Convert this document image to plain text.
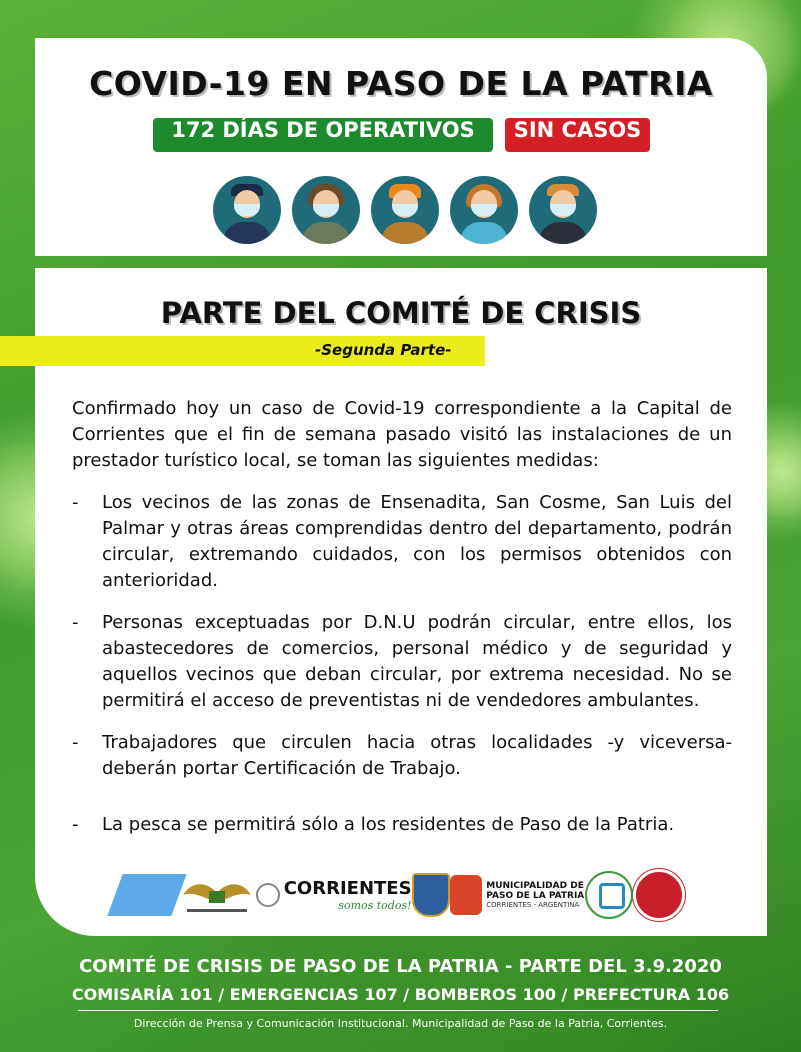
COVID-19 EN PASO DE LA PATRIA
172 DÍAS DE OPERATIVOS	SIN CASOS
PARTE DEL COMITÉ DE CRISIS
-Segunda Parte-

Confirmado hoy un caso de Covid-19 correspondiente a la Capital de Corrientes que el fin de semana pasado visitó las instalaciones de un prestador turístico local, se toman las siguientes medidas:

- Los vecinos de las zonas de Ensenadita, San Cosme, San Luis del Palmar y otras áreas comprendidas dentro del departamento, podrán circular, extremando cuidados, con los permisos obtenidos con anterioridad.
- Personas exceptuadas por D.N.U podrán circular, entre ellos, los abastecedores de comercios, personal médico y de seguridad y aquellos vecinos que deban circular, por extrema necesidad. No se permitirá el acceso de preventistas ni de vendedores ambulantes.
- Trabajadores que circulen hacia otras localidades -y viceversa- deberán portar Certificación de Trabajo.
- La pesca se permitirá sólo a los residentes de Paso de la Patria.
CORRIENTES
somos todos!
MUNICIPALIDAD DE
PASO DE LA PATRIA
CORRIENTES - ARGENTINA
COMITÉ DE CRISIS DE PASO DE LA PATRIA - PARTE DEL 3.9.2020
COMISARÍA 101 / EMERGENCIAS 107 / BOMBEROS 100 / PREFECTURA 106
Dirección de Prensa y Comunicación Institucional. Municipalidad de Paso de la Patria, Corrientes.
